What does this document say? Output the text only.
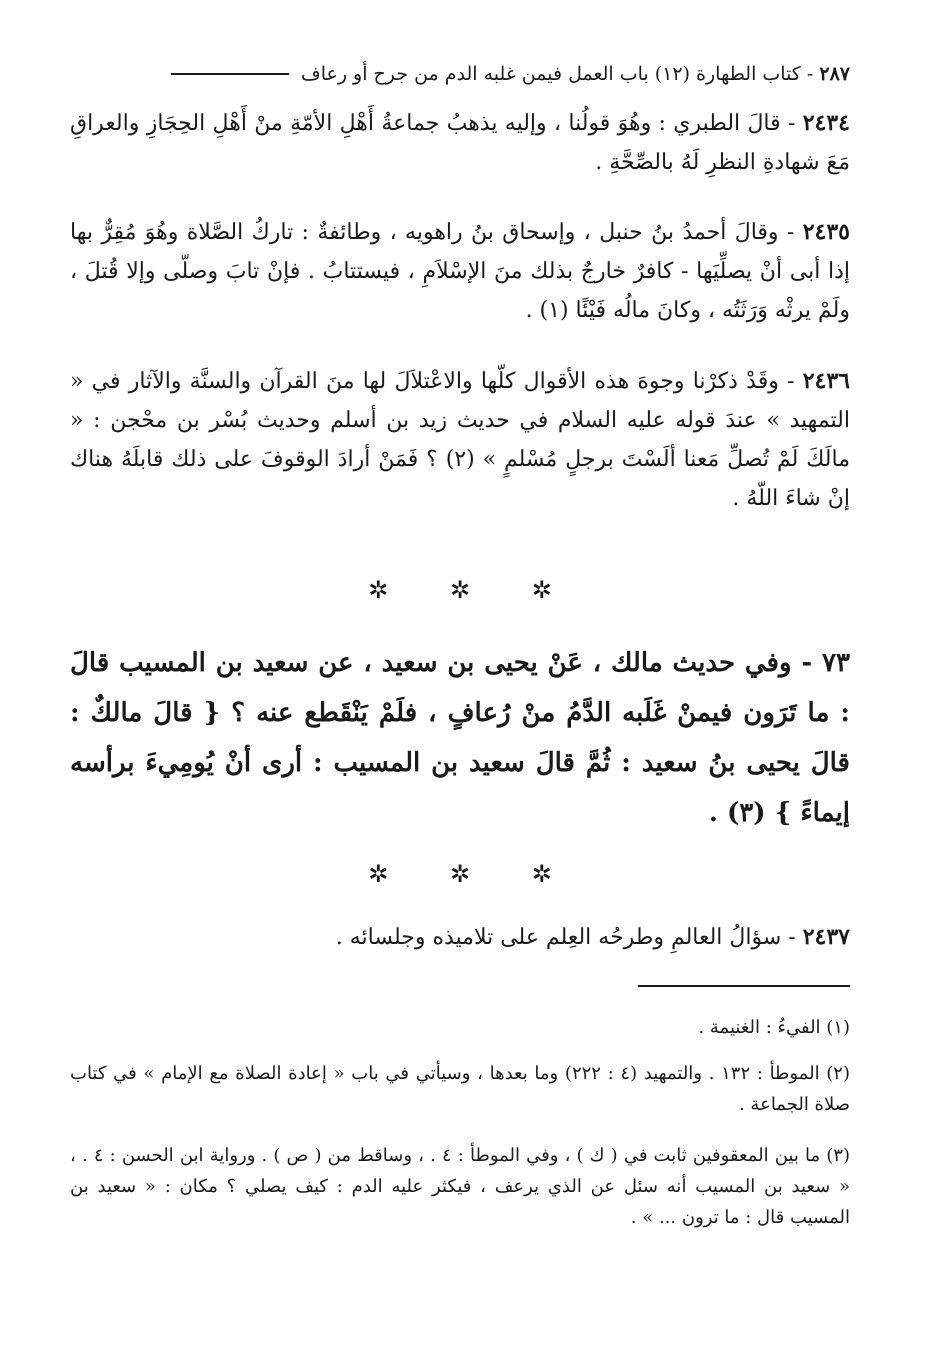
٢٨٧

-

كتاب الطهارة (١٢) باب العمل فيمن غلبه الدم من جرح أو رعاف
٢٤٣٤ - قالَ الطبري : وهُوَ قولُنا ، وإليه يذهبُ جماعةُ أَهْلِ الأمّةِ منْ أَهْلِ الحِجَازِ والعراقِ مَعَ شهادةِ النظرِ لَهُ بالصِّحَّةِ .
٢٤٣٥ - وقالَ أحمدُ بنُ حنبل ، وإسحاق بنُ راهويه ، وطائفةٌ : تاركُ الصَّلاة وهُوَ مُقِرٌّ بها إذا أبى أنْ يصلِّيَها - كافرٌ خارجٌ بذلك منَ الإسْلاَمِ ، فيستتابُ . فإنْ تابَ وصلّى وإلا قُتلَ ، ولَمْ يرثْه وَرَثَتُه ، وكانَ مالُه فَيْئًا (١) .
٢٤٣٦ - وقَدْ ذكرْنا وجوهَ هذه الأقوال كلّها والاعْتلاَلَ لها منَ القرآن والسنَّة والآثار في « التمهيد » عندَ قوله عليه السلام في حديث زيد بن أسلم وحديث بُسْر بن محْجن : « مالَكَ لَمْ تُصلِّ مَعنا ألَسْتَ برجلٍ مُسْلمٍ » (٢) ؟ فَمَنْ أرادَ الوقوفَ على ذلك قابلَهُ هناك إنْ شاءَ اللّهُ .
✲	✲	✲
٧٣ - وفي حديث مالك ، عَنْ يحيى بن سعيد ، عن سعيد بن المسيب قالَ : ما تَرَون فيمنْ غَلَبه الدَّمُ منْ رُعافٍ ، فلَمْ يَنْقَطع عنه ؟ { قالَ مالكٌ : قالَ يحيى بنُ سعيد : ثُمَّ قالَ سعيد بن المسيب : أرى أنْ يُومِيءَ برأسه إيماءً } (٣) .
✲	✲	✲
٢٤٣٧ - سؤالُ العالمِ وطرحُه العِلم على تلاميذه وجلسائه .
(١) الفيءُ : الغنيمة .
(٢) الموطأ : ١٣٢ . والتمهيد (٤ : ٢٢٢) وما بعدها ، وسيأتي في باب « إعادة الصلاة مع الإمام » في كتاب صلاة الجماعة .
(٣) ما بين المعقوفين ثابت في ( ك ) ، وفي الموطأ : ٤ . ، وساقط من ( ص ) . ورواية ابن الحسن : ٤ . ، « سعيد بن المسيب أنه سئل عن الذي يرعف ، فيكثر عليه الدم : كيف يصلي ؟ مكان : « سعيد بن المسيب قال : ما ترون ... » .
